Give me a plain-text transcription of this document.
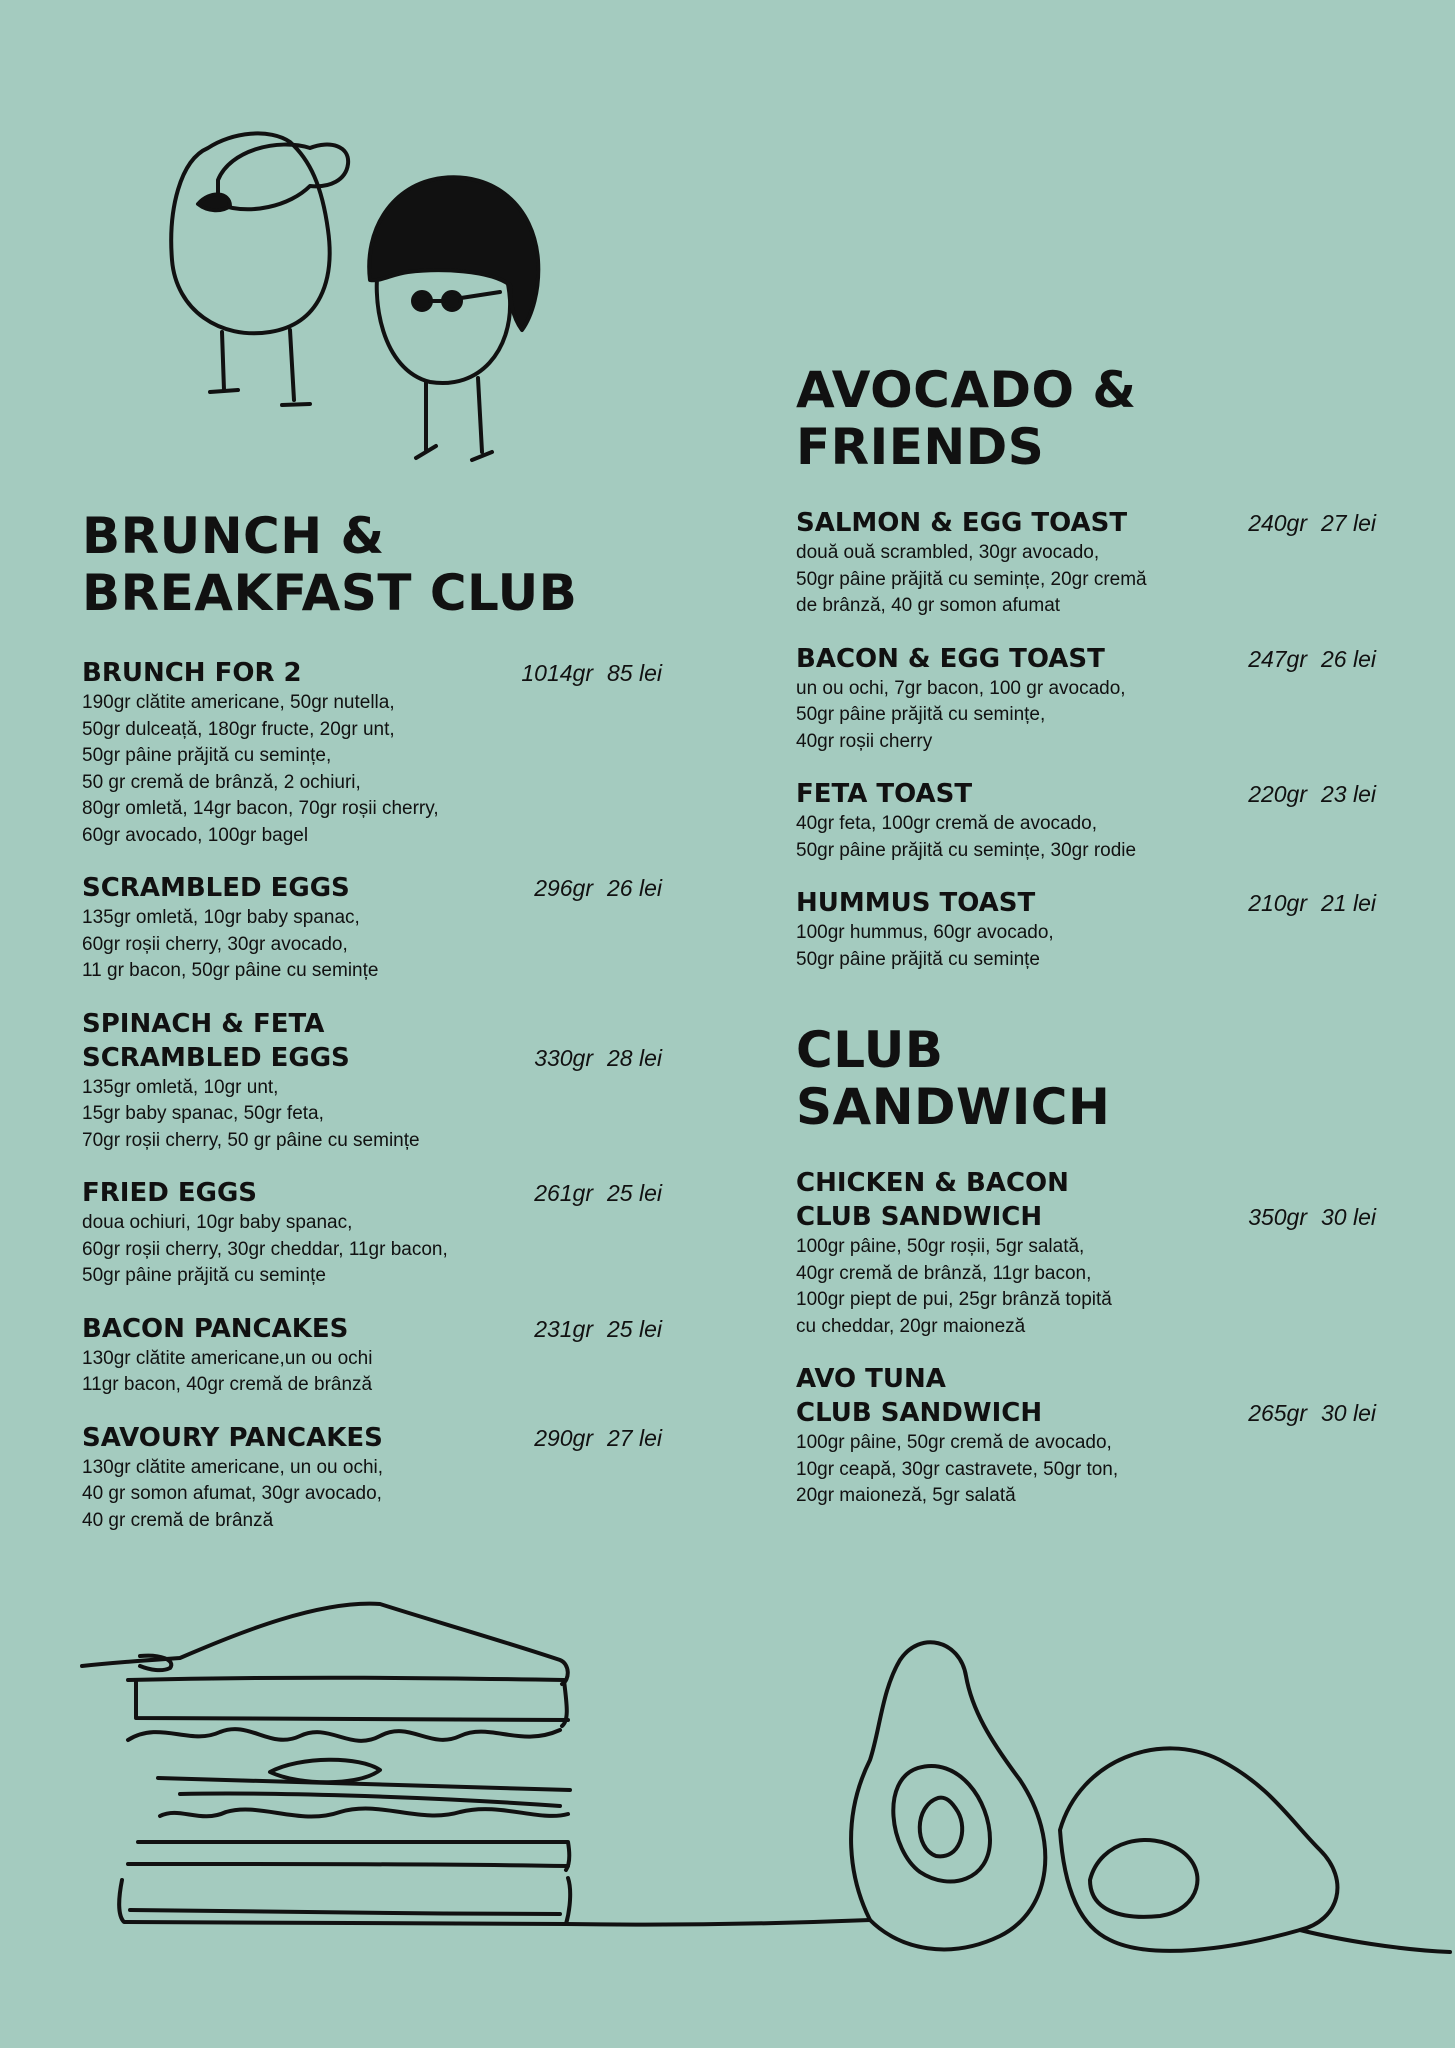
BRUNCH &
BREAKFAST CLUB

BRUNCH FOR 2	1014gr 85 lei

190gr clătite americane, 50gr nutella,
50gr dulceață, 180gr fructe, 20gr unt,
50gr pâine prăjită cu semințe,
50 gr cremă de brânză, 2 ochiuri,
80gr omletă, 14gr bacon, 70gr roșii cherry,
60gr avocado, 100gr bagel

SCRAMBLED EGGS	296gr 26 lei

135gr omletă, 10gr baby spanac,
60gr roșii cherry, 30gr avocado,
11 gr bacon, 50gr pâine cu semințe

SPINACH & FETA
SCRAMBLED EGGS	330gr 28 lei

135gr omletă, 10gr unt,
15gr baby spanac, 50gr feta,
70gr roșii cherry, 50 gr pâine cu semințe

FRIED EGGS	261gr 25 lei

doua ochiuri, 10gr baby spanac,
60gr roșii cherry, 30gr cheddar, 11gr bacon,
50gr pâine prăjită cu semințe

BACON PANCAKES	231gr 25 lei

130gr clătite americane,un ou ochi
11gr bacon, 40gr cremă de brânză

SAVOURY PANCAKES	290gr 27 lei

130gr clătite americane, un ou ochi,
40 gr somon afumat, 30gr avocado,
40 gr cremă de brânză

AVOCADO &
FRIENDS

SALMON & EGG TOAST	240gr 27 lei

două ouă scrambled, 30gr avocado,
50gr pâine prăjită cu semințe, 20gr cremă
de brânză, 40 gr somon afumat

BACON & EGG TOAST	247gr 26 lei

un ou ochi, 7gr bacon, 100 gr avocado,
50gr pâine prăjită cu semințe,
40gr roșii cherry

FETA TOAST	220gr 23 lei

40gr feta, 100gr cremă de avocado,
50gr pâine prăjită cu semințe, 30gr rodie

HUMMUS TOAST	210gr 21 lei

100gr hummus, 60gr avocado,
50gr pâine prăjită cu semințe

CLUB
SANDWICH

CHICKEN & BACON
CLUB SANDWICH	350gr 30 lei

100gr pâine, 50gr roșii, 5gr salată,
40gr cremă de brânză, 11gr bacon,
100gr piept de pui, 25gr brânză topită
cu cheddar, 20gr maioneză

AVO TUNA
CLUB SANDWICH	265gr 30 lei

100gr pâine, 50gr cremă de avocado,
10gr ceapă, 30gr castravete, 50gr ton,
20gr maioneză, 5gr salată
